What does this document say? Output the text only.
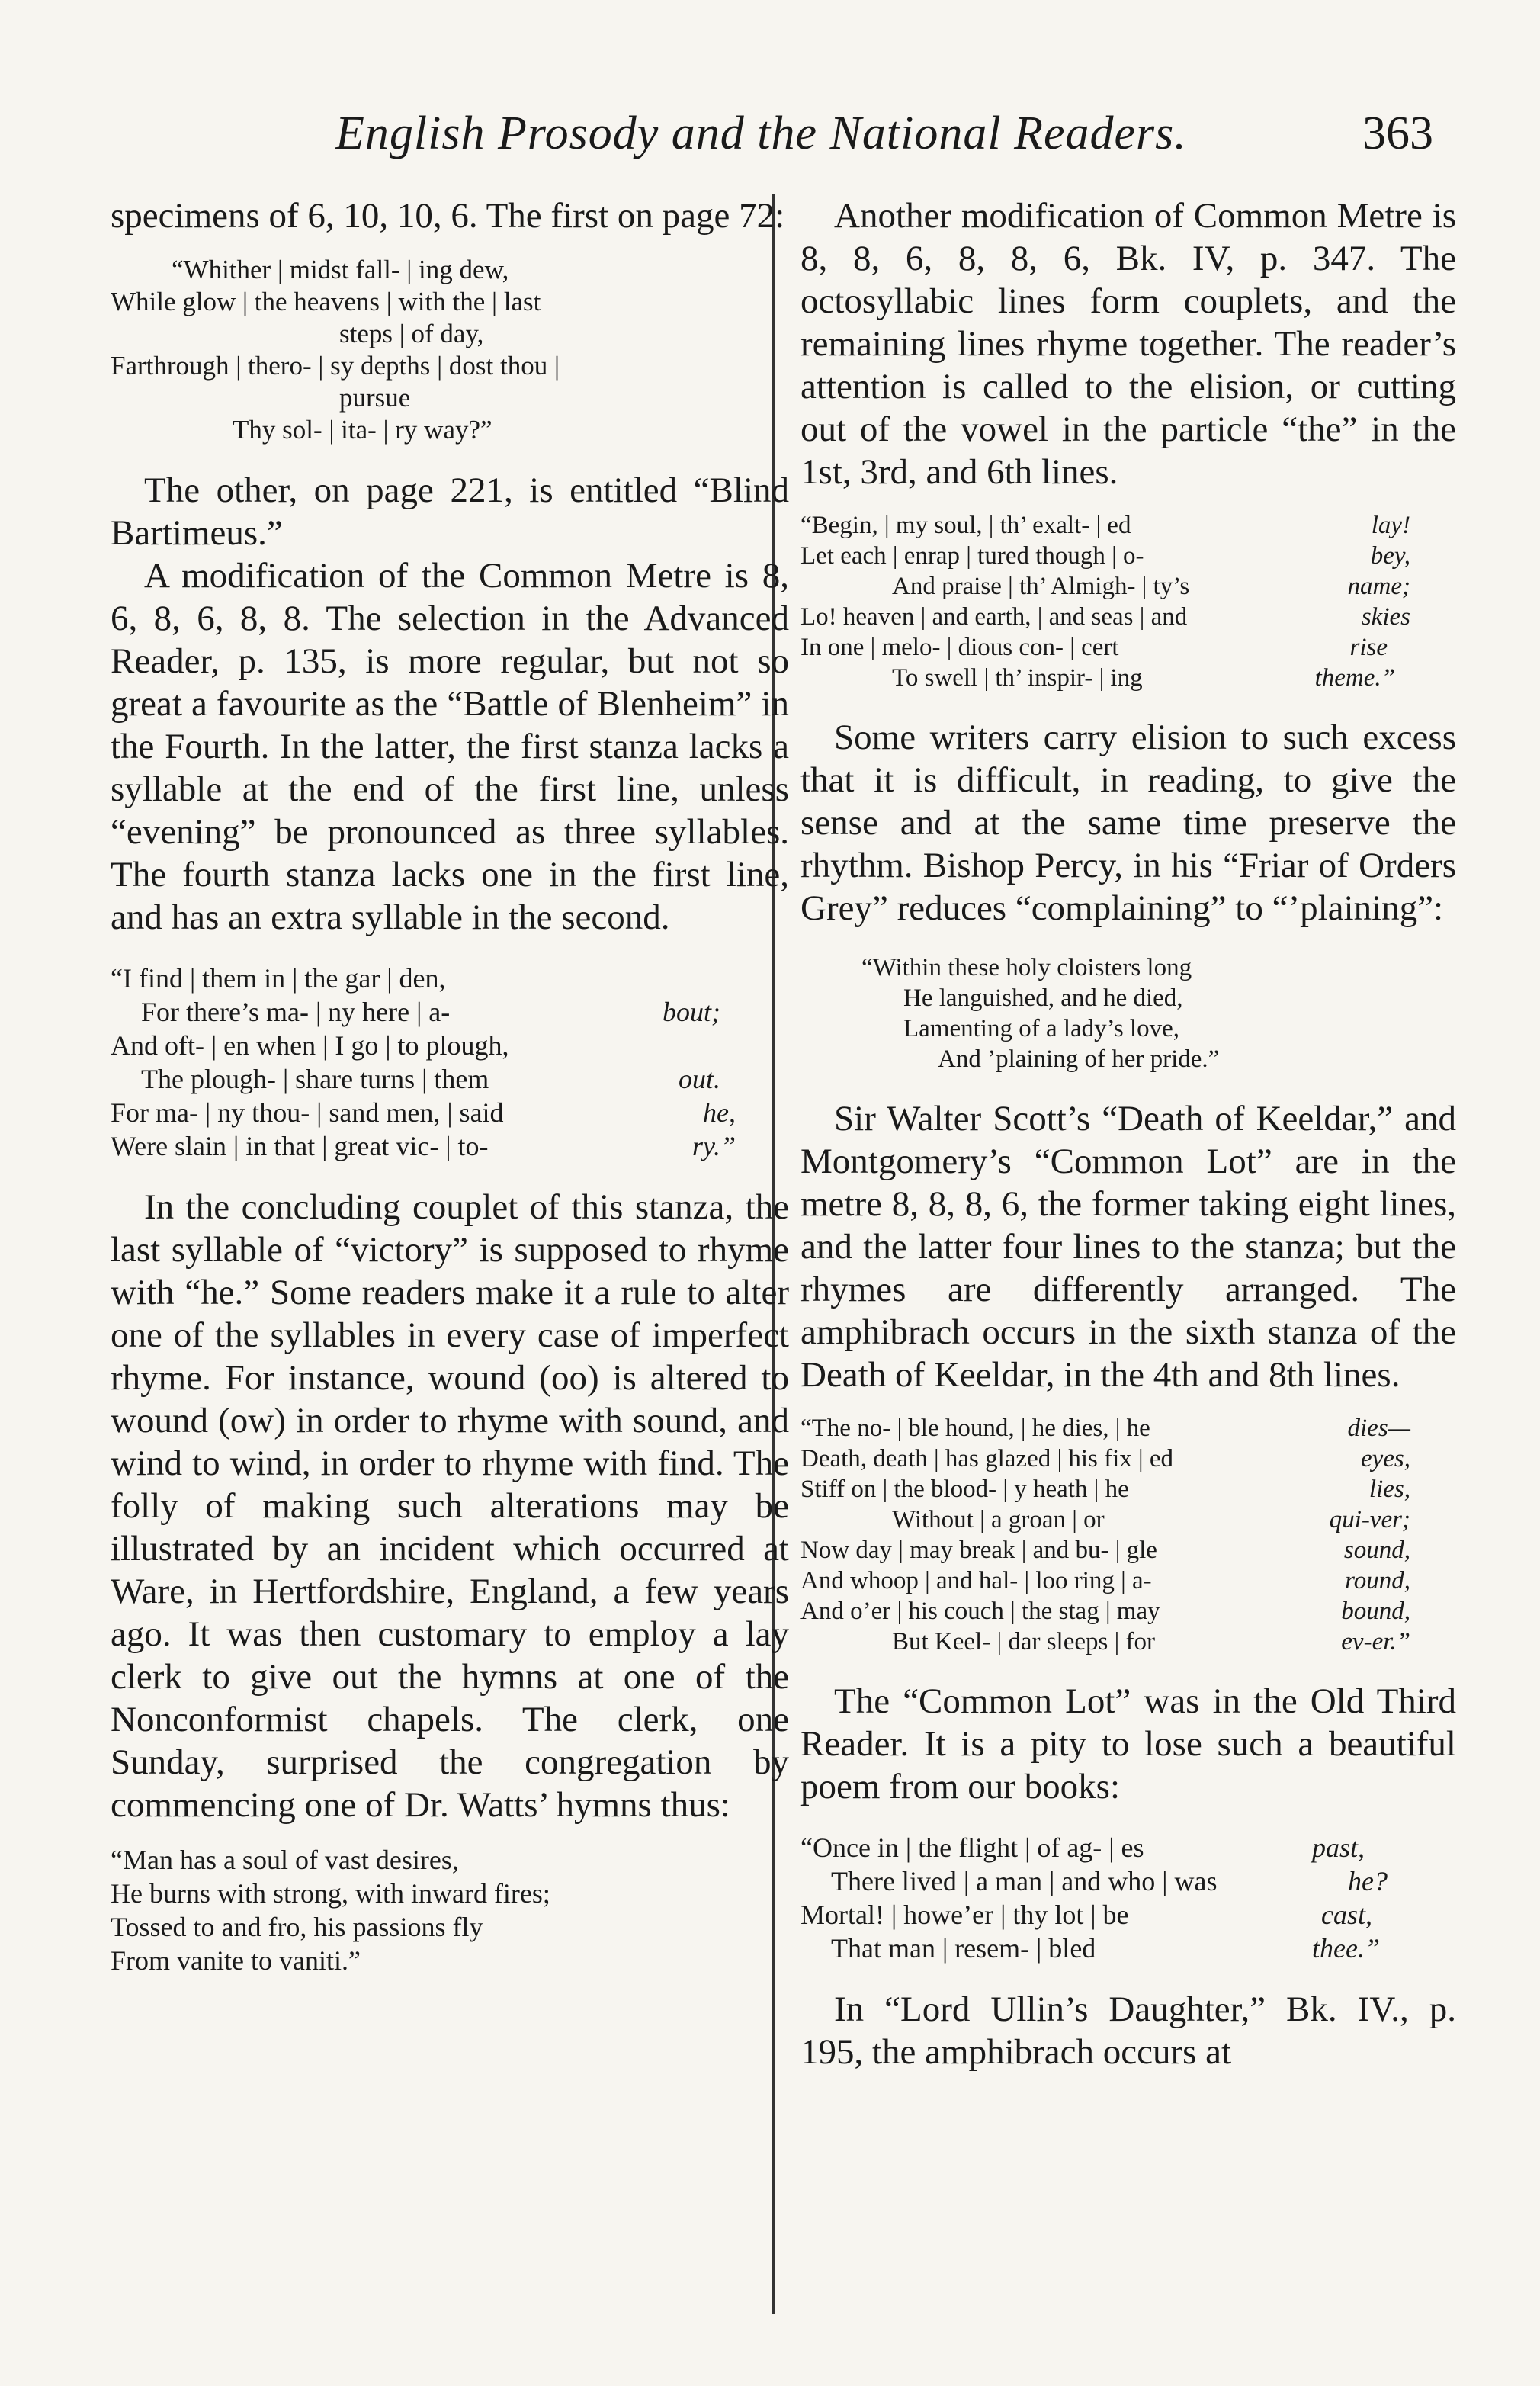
English Prosody and the National Readers.	363

specimens of 6, 10, 10, 6. The first on page 72:

“Whither | midst fall- | ing dew,
While glow | the heavens | with the | last
steps | of day,
Farthrough | thero- | sy depths | dost thou |
pursue
Thy sol- | ita- | ry way?”

The other, on page 221, is entitled “Blind Bartimeus.”

A modification of the Common Metre is 8, 6, 8, 6, 8, 8. The selection in the Advanced Reader, p. 135, is more regular, but not so great a favourite as the “Battle of Blenheim” in the Fourth. In the latter, the first stanza lacks a syllable at the end of the first line, unless “evening” be pronounced as three syllables. The fourth stanza lacks one in the first line, and has an extra syllable in the second.

“I find | them in | the gar | den,
For there’s ma- | ny here | a-	bout;
And oft- | en when | I go | to plough,
The plough- | share turns | them	out.
For ma- | ny thou- | sand men, | said	he,
Were slain | in that | great vic- | to-	ry.”

In the concluding couplet of this stanza, the last syllable of “victory” is supposed to rhyme with “he.” Some readers make it a rule to alter one of the syllables in every case of imperfect rhyme. For instance, wound (oo) is altered to wound (ow) in order to rhyme with sound, and wind to wind, in order to rhyme with find. The folly of making such alterations may be illustrated by an incident which occurred at Ware, in Hertfordshire, England, a few years ago. It was then customary to employ a lay clerk to give out the hymns at one of the Nonconformist chapels. The clerk, one Sunday, surprised the congregation by commencing one of Dr. Watts’ hymns thus:

“Man has a soul of vast desires,
He burns with strong, with inward fires;
Tossed to and fro, his passions fly
From vanite to vaniti.”

Another modification of Common Metre is 8, 8, 6, 8, 8, 6, Bk. IV, p. 347. The octosyllabic lines form couplets, and the remaining lines rhyme together. The reader’s attention is called to the elision, or cutting out of the vowel in the particle “the” in the 1st, 3rd, and 6th lines.

“Begin, | my soul, | th’ exalt- | ed	lay!
Let each | enrap | tured though | o-	bey,
And praise | th’ Almigh- | ty’s	name;
Lo! heaven | and earth, | and seas | and	skies
In one | melo- | dious con- | cert	rise
To swell | th’ inspir- | ing	theme.”

Some writers carry elision to such excess that it is difficult, in reading, to give the sense and at the same time preserve the rhythm. Bishop Percy, in his “Friar of Orders Grey” reduces “complaining” to “’plaining”:

“Within these holy cloisters long
He languished, and he died,
Lamenting of a lady’s love,
And ’plaining of her pride.”

Sir Walter Scott’s “Death of Keeldar,” and Montgomery’s “Common Lot” are in the metre 8, 8, 8, 6, the former taking eight lines, and the latter four lines to the stanza; but the rhymes are differently arranged. The amphibrach occurs in the sixth stanza of the Death of Keeldar, in the 4th and 8th lines.

“The no- | ble hound, | he dies, | he	dies—
Death, death | has glazed | his fix | ed	eyes,
Stiff on | the blood- | y heath | he	lies,
Without | a groan | or	qui-ver;
Now day | may break | and bu- | gle	sound,
And whoop | and hal- | loo ring | a-	round,
And o’er | his couch | the stag | may	bound,
But Keel- | dar sleeps | for	ev-er.”

The “Common Lot” was in the Old Third Reader. It is a pity to lose such a beautiful poem from our books:

“Once in | the flight | of ag- | es	past,
There lived | a man | and who | was	he?
Mortal! | howe’er | thy lot | be	cast,
That man | resem- | bled	thee.”

In “Lord Ullin’s Daughter,” Bk. IV., p. 195, the amphibrach occurs at
